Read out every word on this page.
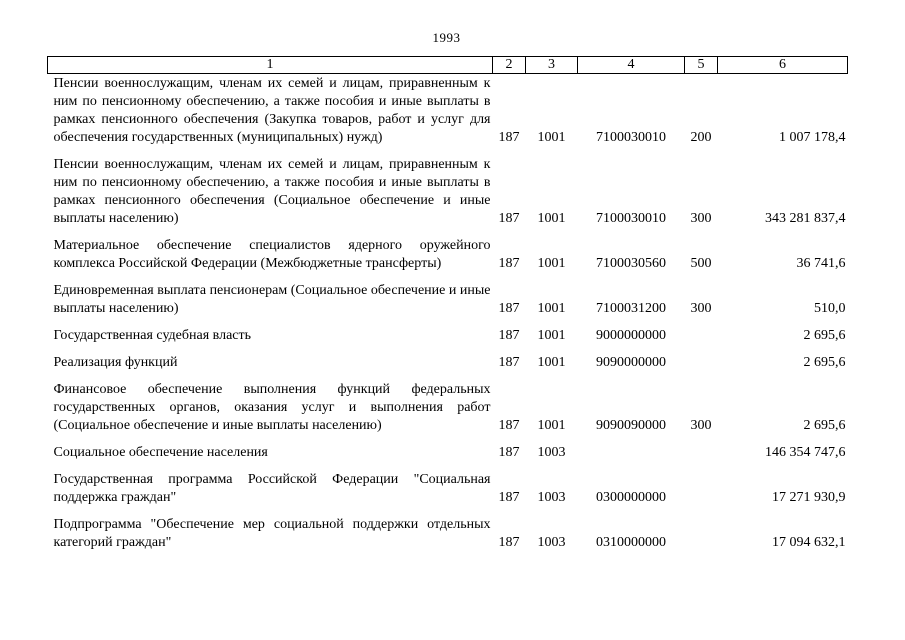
1993
1	2	3	4	5	6
Пенсии военнослужащим, членам их семей и лицам, приравненным к ним по пенсионному обеспечению, а также пособия и иные выплаты в рамках пенсионного обеспечения (Закупка товаров, работ и услуг для обеспечения государственных (муниципальных) нужд)	187	1001	7100030010	200	1 007 178,4
Пенсии военнослужащим, членам их семей и лицам, приравненным к ним по пенсионному обеспечению, а также пособия и иные выплаты в рамках пенсионного обеспечения (Социальное обеспечение и иные выплаты населению)	187	1001	7100030010	300	343 281 837,4
Материальное обеспечение специалистов ядерного оружейного комплекса Российской Федерации (Межбюджетные трансферты)	187	1001	7100030560	500	36 741,6
Единовременная выплата пенсионерам (Социальное обеспечение и иные выплаты населению)	187	1001	7100031200	300	510,0
Государственная судебная власть	187	1001	9000000000		2 695,6
Реализация функций	187	1001	9090000000		2 695,6
Финансовое обеспечение выполнения функций федеральных государственных органов, оказания услуг и выполнения работ (Социальное обеспечение и иные выплаты населению)	187	1001	9090090000	300	2 695,6
Социальное обеспечение населения	187	1003			146 354 747,6
Государственная программа Российской Федерации "Социальная поддержка граждан"	187	1003	0300000000		17 271 930,9
Подпрограмма "Обеспечение мер социальной поддержки отдельных категорий граждан"	187	1003	0310000000		17 094 632,1
